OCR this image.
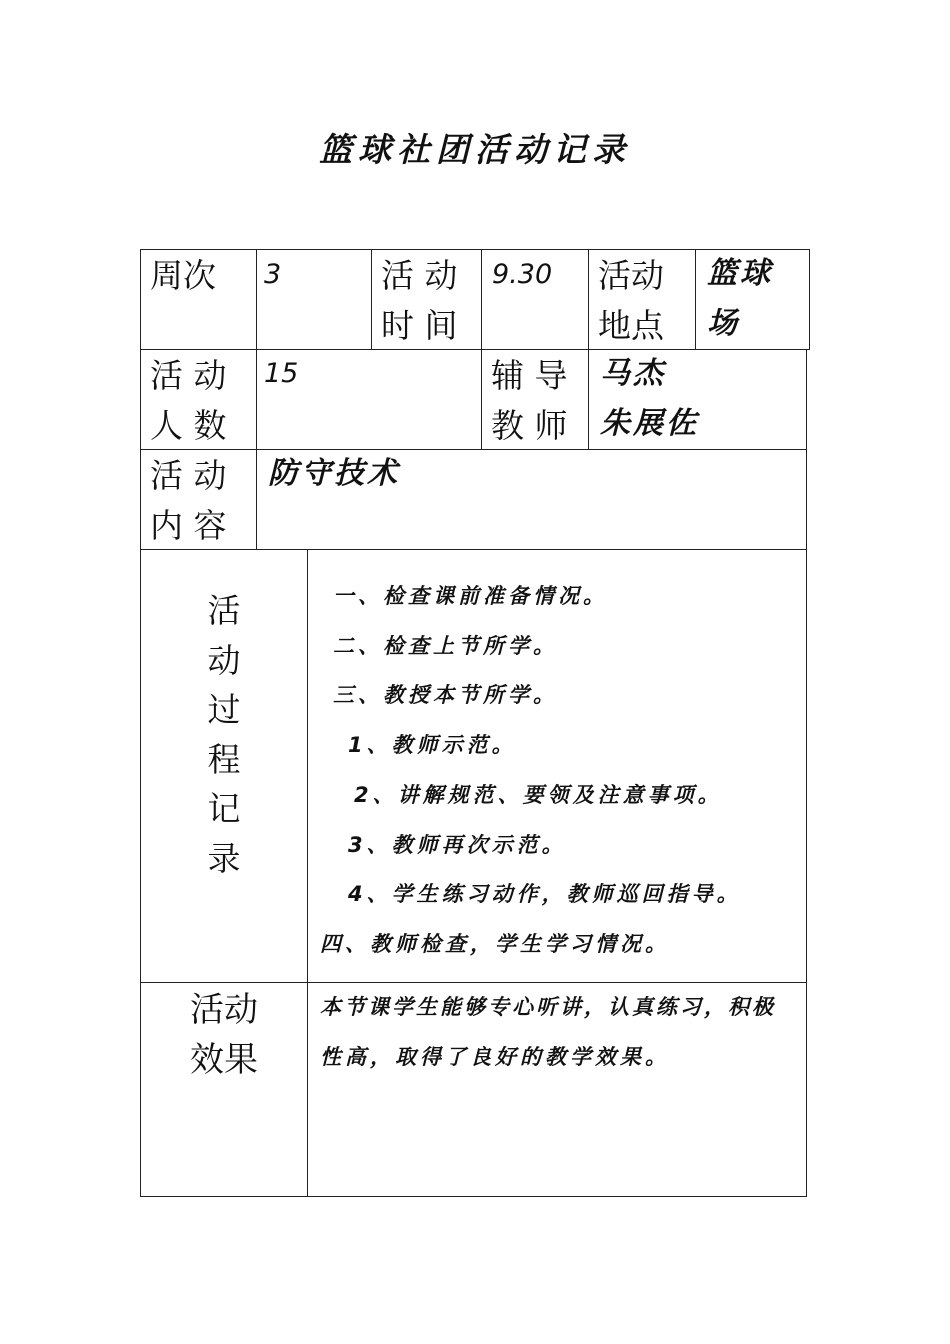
篮球社团活动记录
周次 3	活 动
时 间
9.30 活动
地点
篮球
场
活 动
人 数
15	辅 导
教 师
马杰
朱展佐
活 动
内 容
防守技术
活
动
过
程
记
录
一、检查课前准备情况。
二、检查上节所学。
三、教授本节所学。
1、教师示范。
2、讲解规范、要领及注意事项。
3、教师再次示范。
4、学生练习动作，教师巡回指导。
四、教师检查，学生学习情况。
活动
效果
本节课学生能够专心听讲，认真练习，积极
性高，取得了良好的教学效果。
